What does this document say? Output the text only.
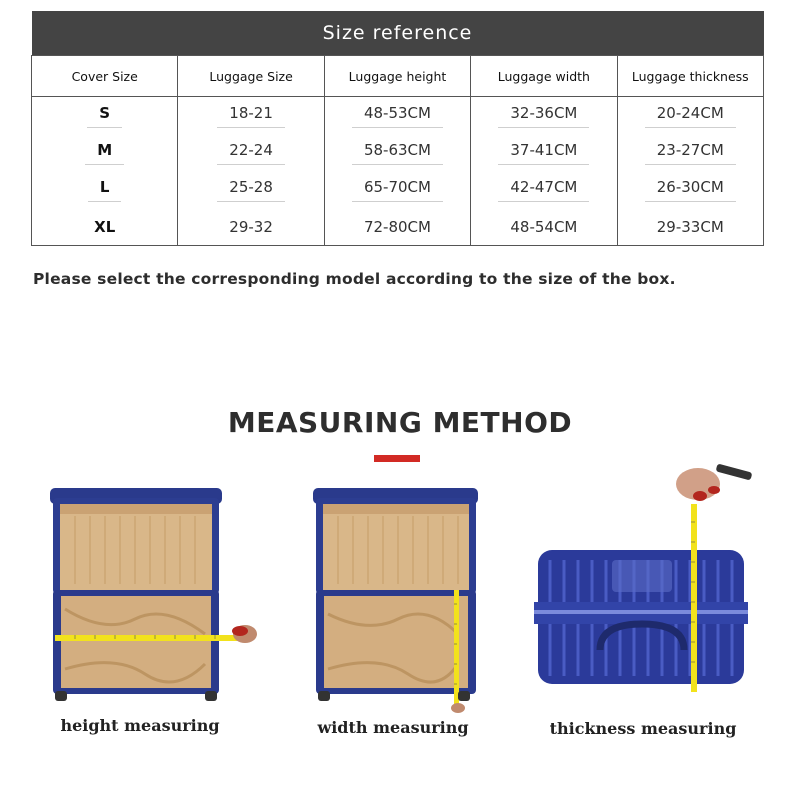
Size reference				
Cover Size	Luggage Size	Luggage height	Luggage width	Luggage thickness
S	18-21	48-53CM	32-36CM	20-24CM
M	22-24	58-63CM	37-41CM	23-27CM
L	25-28	65-70CM	42-47CM	26-30CM
XL	29-32	72-80CM	48-54CM	29-33CM
Please select the corresponding model according to the size of the box.
MEASURING METHOD
height measuring	width measuring	thickness measuring
